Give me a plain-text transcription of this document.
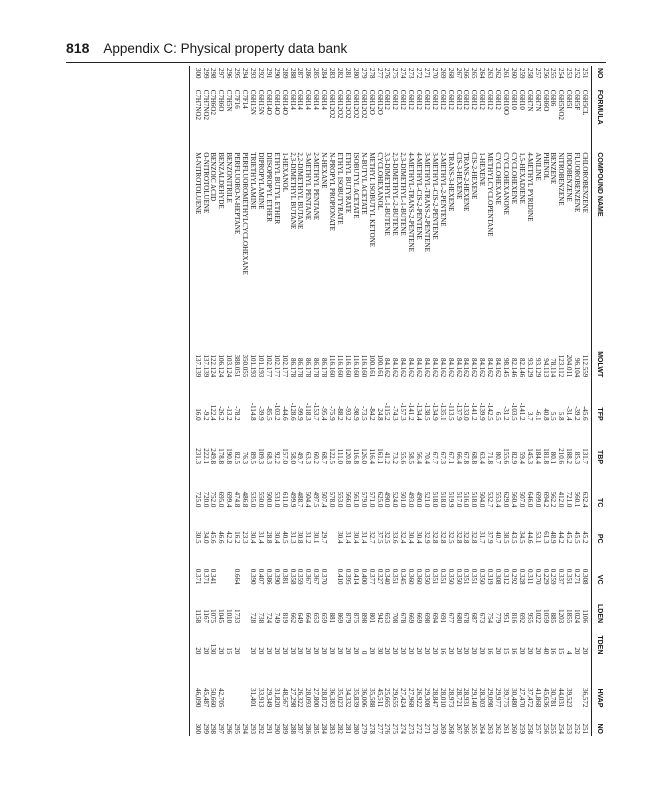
818 Appendix C: Physical property data bank
NO	FORMULA	COMPOUND NAME	MOLWT	TFP	TBP	TC	PC	VC	LDEN	TDEN	HVAP	NO
251	C6H5CL	CHLOROBENZENE	112.559	-45.6	131.7	632.4	45.2	0.308	1106	20	36,572	251
252	C6H5F	FLUOROBENZENE	96.104	-39.2	85.3	560.1	45.5	0.271	1024	20		252
253	C6H5I	IODOBENZENE	204.011	-31.4	188.2	721.0	45.2	0.351	1855	4	39,523	253
254	C6H5NO2	NITROBENZENE	123.112	5.8	210.6	412.0	44.2	0.337	1203	15	44,031	254
255	C6H6	BENZENE	78.114	5.5	80.1	562.2	48.9	0.259	885	16	30,781	255
256	C6H6O	PHENOL	94.113	40.8	181.8	694.2	61.3	0.229	1059	40	45,636	256
257	C6H7N	ANILINE	93.129	-6.1	184.4	699.0	53.1	0.270	1022	20	41,868	257
258	C6H7N	4-METHYL PYRIDINE	93.129	3.7	145.3	646.0	44.6	0.311	955	20	37,472	258
259	C6H10	1,5-HEXADIENE	82.146	-141.2	59.4	507.0	34.5	0.328	692	20	27,470	259
260	C6H10	CYCLOHEXENE	82.146	-103.5	82.9	560.4	43.5	0.292	816	16	30,480	260
261	C6H10O	CYCLOHEXANONE	98.145	-31.2	155.6	629.0	38.5	0.312	951	15	39,775	261
262	C6H12	CYCLOHEXANE	84.162	6.5	80.7	553.4	40.7	0.308	779	20	29,977	262
263	C6H12	METHYLCYCLOPENTANE	84.162	-142.5	71.8	532.7	37.9	0.319	754	16	29,098	263
264	C6H12	1-HEXENE	84.162	-139.9	63.4	504.0	31.7	0.350	673	20	28,303	264
265	C6H12	CIS-2-HEXENE	84.162	-141.2	68.8	518.0	32.8	0.351	687	20	29,140	265
266	C6H12	TRANS-2-HEXENE	84.162	-133.0	67.8	516.0	32.8	0.351	678	20	28,931	266
267	C6H12	CIS-3-HEXENE	84.162	-137.9	66.4	517.0	32.8	0.350	680	20	28,721	267
268	C6H12	TRANS-3-HEXENE	84.162	-113.5	67.1	519.9	32.5	0.350	677	20	28,973	268
269	C6H12	2-METHYL-2-PENTENE	84.162	-135.1	67.3	518.0	32.8	0.351	691	16	28,010	269
270	C6H12	3-METHYL-CIS-2-PENTENE	84.162	-134.9	67.7	518.0	32.8	0.351	694	20	28,847	270
271	C6H12	3-METHYL-TRANS-2-PENTENE	84.162	-138.5	70.4	521.0	32.9	0.350	698	20	29,308	271
272	C6H12	4-METHYL-CIS-2-PENTENE	84.162	-134.4	56.4	490.0	30.4	0.360	669	20	26,922	272
273	C6H12	4-METHYL-TRANS-2-PENTENE	84.162	-141.2	58.5	493.0	30.4	0.360	669	20	27,968	273
274	C6H12	2,3-DIMETHYL-1-BUTENE	84.162	-157.3	55.6	501.0	32.4	0.345	678	20	27,424	274
275	C6H12	2,3-DIMETHYL-2-BUTENE	84.162	-74.3	73.2	524.0	33.6	0.351	708	20	29,655	275
276	C6H12	3,3-DIMETHYL-1-BUTENE	84.162	-115.2	41.2	490.0	32.5	0.340	653	20	25,665	276
277	C6H12O	CYCLOHEXANOL	100.161	24.8	161.1	625.0	37.5	0.327	942	30	45,511	277
278	C6H12O	METHYL ISOBUTYL KETONE	100.161	-84.2	116.4	571.0	32.7	0.377	801	20	35,588	278
279	C6H12O2	N-BUTYL ACETATE	116.160	-73.5	126.0	579.0	31.4	0.400	898	0	36,006	279
280	C6H12O2	ISOBUTYL ACETATE	116.160	-98.9	116.8	561.0	30.4	0.414	875	20	35,839	280
281	C6H12O2	ETHYL BUTYRATE	116.160	-93.2	120.8	566.0	31.4	0.395	879	20	34,332	281
282	C6H12O2	ETHYL ISOBUTYRATE	116.160	-88.2	111.0	553.0	30.4	0.410	869	20	35,023	282
283	C6H12O2	N-PROPYL PROPIONATE	116.160	-75.9	122.5	578.0			881	20	36,383	283
284	C6H14	N-HEXANE	86.178	-95.4	68.7	507.4	29.7	0.370	659	20	28,872	284
285	C6H14	2-METHYL PENTANE	86.178	-153.7	60.2	497.5	30.1	0.367	653	20	27,800	285
286	C6H14	3-METHYL PENTANE	86.178	-118.3	63.3	504.4	31.2	0.367	664	20	28,093	286
287	C6H14	2,2-DIMETHYL BUTANE	86.178	-99.9	49.7	488.7	30.8	0.359	649	20	26,322	287
288	C6H14	2,3-DIMETHYL BUTANE	86.178	-128.6	58.0	499.9	31.3	0.358	662	20	27,298	288
289	C6H14O	1-HEXANOL	102.177	-44.6	157.0	611.0	40.5	0.381	819	20	48,567	289
290	C6H14O	ETHYL BUTYL ETHER	102.177	-103.2	92.2	531.0	30.4	0.390	749	20	31,820	290
291	C6H14O	DIISOPROPYL ETHER	102.177	-85.5	68.3	500.0	28.8	0.386	724	20	29,349	291
292	C6H15N	DIPROPYLAMINE	101.193	-39.9	109.3	550.0	31.4	0.407	738	20	33,913	292
293	C6H15N	TRIETHYLAMINE	101.193	-114.8	89.5	535.0	30.4	0.390	728	20	31,401	293
294	C7F14	PERFLUOROMETHYLCYCLOHEXANE	350.055		76.3	486.8	23.3					294
295	C7F16	PERFLUORO-N-HEPTANE	388.051	-78.2	82.5	474.8	16.2	0.664	1733	20		295
296	C7H5N	BENZONITRILE	103.124	-13.2	190.8	699.4	42.2		1010	15		296
297	C7H6O	BENZALDEHYDE	106.124	-26.2	178.8	695.0	46.6		1045	20	42,705	297
298	C7H6O2	BENZOIC ACID	122.124	122.4	249.8	752.0	45.6	0.341	1075	130	50,660	298
299	C7H7NO2	O-NITROTOLUENE	137.139	-9.2	222.1	720.0	34.0	0.371	1167	20	45,487	299
300	C7H7NO2	M-NITROTOLUENE	137.139	16.0	231.3	725.0	30.5	0.371	1158	20	46,090	300
